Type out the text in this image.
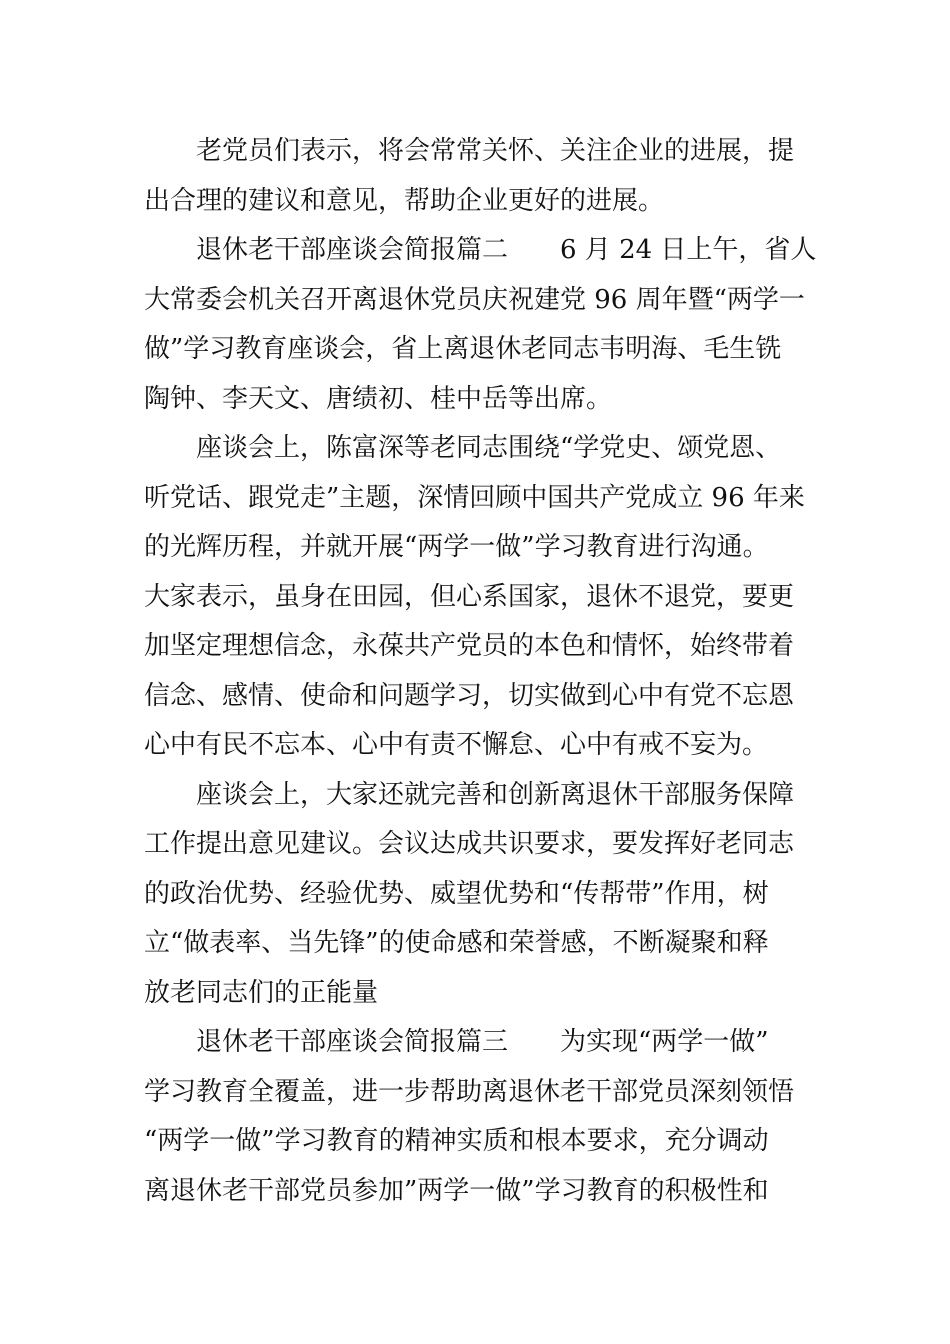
老党员们表示，将会常常关怀、关注企业的进展，提
出合理的建议和意见，帮助企业更好的进展。
退休老干部座谈会简报篇二　　6 月 24 日上午，省人
大常委会机关召开离退休党员庆祝建党 96 周年暨“两学一
做”学习教育座谈会，省上离退休老同志韦明海、毛生铣
陶钟、李天文、唐绩初、桂中岳等出席。
座谈会上，陈富深等老同志围绕“学党史、颂党恩、
听党话、跟党走”主题，深情回顾中国共产党成立 96 年来
的光辉历程，并就开展“两学一做”学习教育进行沟通。
大家表示，虽身在田园，但心系国家，退休不退党，要更
加坚定理想信念，永葆共产党员的本色和情怀，始终带着
信念、感情、使命和问题学习，切实做到心中有党不忘恩
心中有民不忘本、心中有责不懈怠、心中有戒不妄为。
座谈会上，大家还就完善和创新离退休干部服务保障
工作提出意见建议。会议达成共识要求，要发挥好老同志
的政治优势、经验优势、威望优势和“传帮带”作用，树
立“做表率、当先锋”的使命感和荣誉感，不断凝聚和释
放老同志们的正能量
退休老干部座谈会简报篇三　　为实现“两学一做”
学习教育全覆盖，进一步帮助离退休老干部党员深刻领悟
“两学一做”学习教育的精神实质和根本要求，充分调动
离退休老干部党员参加”两学一做”学习教育的积极性和
